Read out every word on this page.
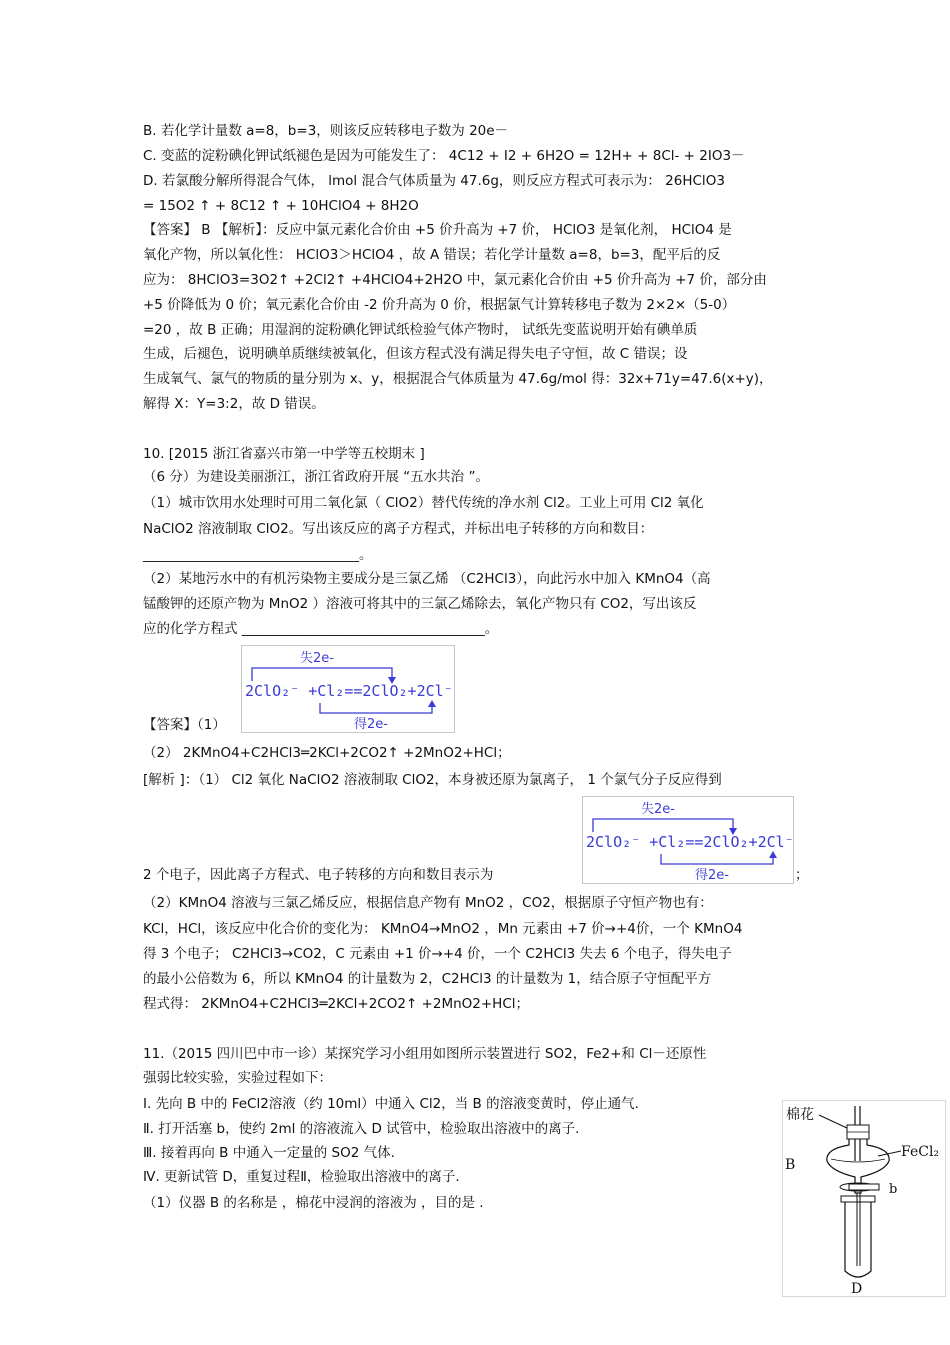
B. 若化学计量数 a=8，b=3，则该反应转移电子数为 20e－
C. 变蓝的淀粉碘化钾试纸褪色是因为可能发生了： 4C12 + I2 + 6H2O = 12H+ + 8Cl- + 2IO3－
D. 若氯酸分解所得混合气体， lmol 混合气体质量为 47.6g，则反应方程式可表示为： 26HClO3
= 15O2 ↑ + 8C12 ↑ + 10HClO4 + 8H2O
【答案】 B 【解析】：反应中氯元素化合价由 +5 价升高为 +7 价， HClO3 是氧化剂， HClO4 是
氧化产物，所以氧化性： HClO3＞HClO4 ，故 A 错误；若化学计量数 a=8，b=3，配平后的反
应为： 8HClO3=3O2↑ +2Cl2↑ +4HClO4+2H2O 中，氯元素化合价由 +5 价升高为 +7 价，部分由
+5 价降低为 0 价；氧元素化合价由 -2 价升高为 0 价，根据氯气计算转移电子数为 2×2×（5-0）
=20 ，故 B 正确；用湿润的淀粉碘化钾试纸检验气体产物时， 试纸先变蓝说明开始有碘单质
生成，后褪色，说明碘单质继续被氧化，但该方程式没有满足得失电子守恒，故 C 错误；设
生成氧气、氯气的物质的量分别为 x、y，根据混合气体质量为 47.6g/mol 得：32x+71y=47.6(x+y)，
解得 X：Y=3:2，故 D 错误。
10. [2015 浙江省嘉兴市第一中学等五校期末 ]
（6 分）为建设美丽浙江，浙江省政府开展 “五水共治 ”。
（1）城市饮用水处理时可用二氧化氯（ ClO2）替代传统的净水剂 Cl2。工业上可用 Cl2 氧化
NaClO2 溶液制取 ClO2。写出该反应的离子方程式，并标出电子转移的方向和数目：
________________________________。
（2）某地污水中的有机污染物主要成分是三氯乙烯 （C2HCl3），向此污水中加入 KMnO4（高
锰酸钾的还原产物为 MnO2 ）溶液可将其中的三氯乙烯除去，氧化产物只有 CO2，写出该反
应的化学方程式 ____________________________________。
失2e-
2ClO₂⁻ +Cl₂==2ClO₂+2Cl⁻
得2e-
【答案】（1）
（2） 2KMnO4+C2HCl3═2KCl+2CO2↑ +2MnO2+HCl；
[解析 ]：（1） Cl2 氧化 NaClO2 溶液制取 ClO2，本身被还原为氯离子， 1 个氯气分子反应得到
失2e-
2ClO₂⁻ +Cl₂==2ClO₂+2Cl⁻
得2e-
2 个电子，因此离子方程式、电子转移的方向和数目表示为	；
（2）KMnO4 溶液与三氯乙烯反应，根据信息产物有 MnO2 ，CO2，根据原子守恒产物也有：
KCl，HCl，该反应中化合价的变化为： KMnO4→MnO2 ，Mn 元素由 +7 价→+4价，一个 KMnO4
得 3 个电子； C2HCl3→CO2，C 元素由 +1 价→+4 价，一个 C2HCl3 失去 6 个电子，得失电子
的最小公倍数为 6，所以 KMnO4 的计量数为 2，C2HCl3 的计量数为 1，结合原子守恒配平方
程式得： 2KMnO4+C2HCl3═2KCl+2CO2↑ +2MnO2+HCl；
11.（2015 四川巴中市一诊）某探究学习小组用如图所示装置进行 SO2，Fe2+和 Cl－还原性
强弱比较实验，实验过程如下：
Ⅰ. 先向 B 中的 FeCl2溶液（约 10ml）中通入 Cl2，当 B 的溶液变黄时，停止通气.
Ⅱ. 打开活塞 b，使约 2ml 的溶液流入 D 试管中，检验取出溶液中的离子.
Ⅲ. 接着再向 B 中通入一定量的 SO2 气体.
Ⅳ. 更新试管 D，重复过程Ⅱ，检验取出溶液中的离子.
（1）仪器 B 的名称是 ，棉花中浸润的溶液为 ，目的是 .
棉花
B
FeCl₂
b
D
